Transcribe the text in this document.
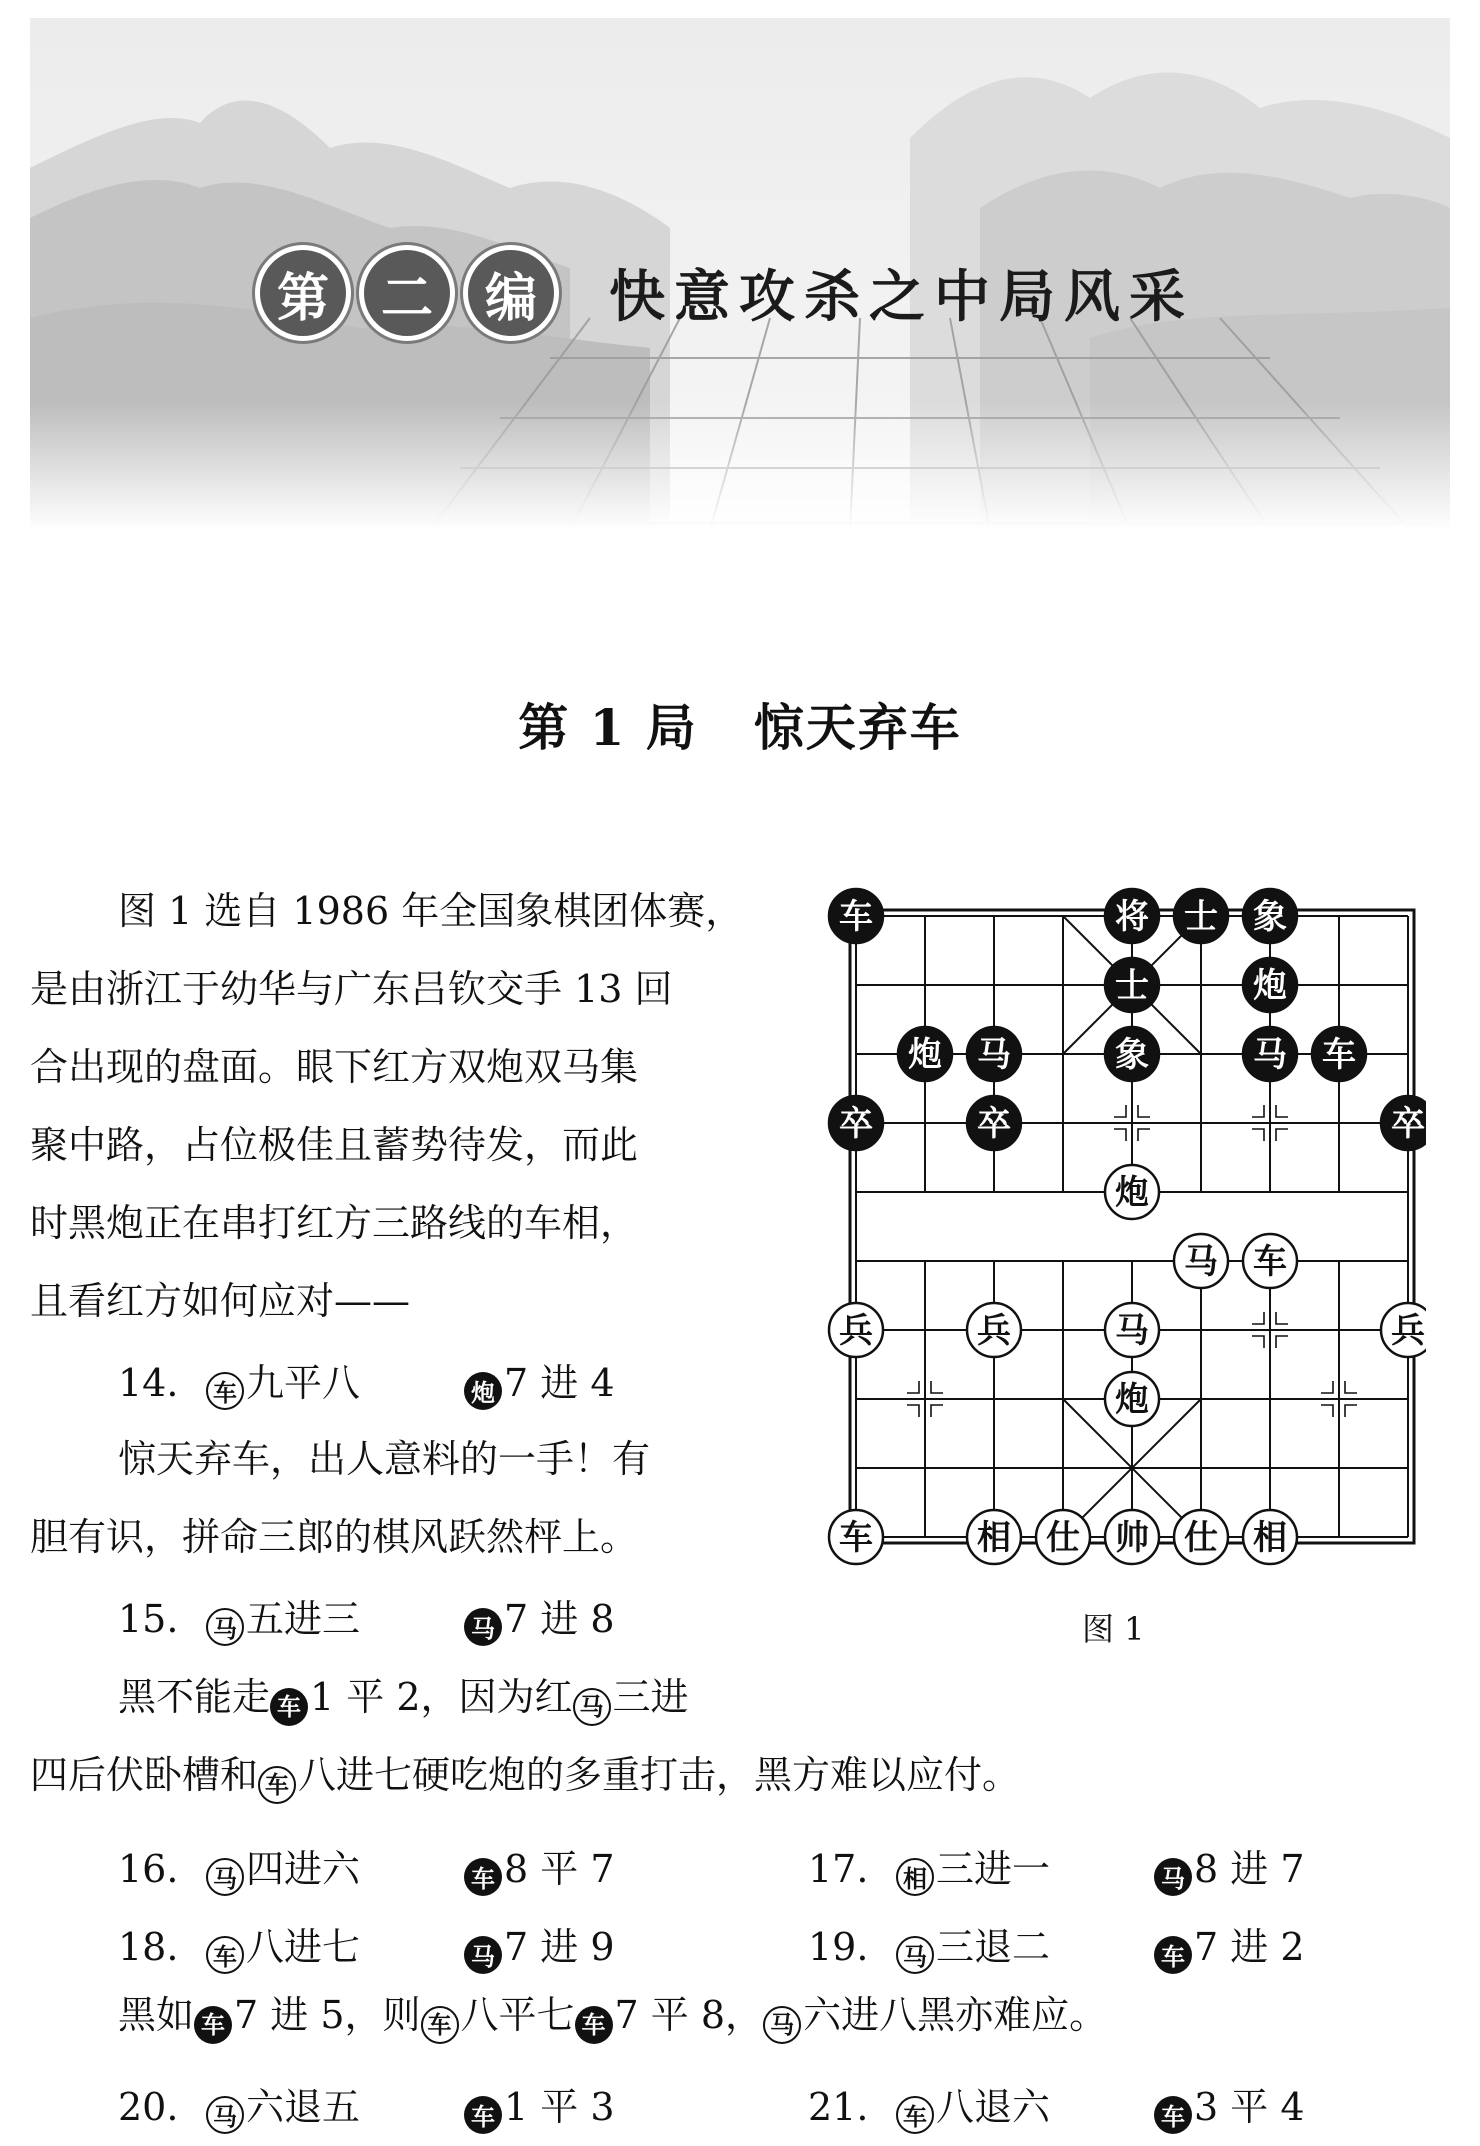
第 二 编	快意攻杀之中局风采
第 1 局 惊天弃车
图 1 选自 1986 年全国象棋团体赛，
是由浙江于幼华与广东吕钦交手 13 回
合出现的盘面。眼下红方双炮双马集
聚中路，占位极佳且蓄势待发，而此
时黑炮正在串打红方三路线的车相，
且看红方如何应对——
14. 车 九平八	炮 7 进 4
惊天弃车，出人意料的一手！有
胆有识，拼命三郎的棋风跃然枰上。
15. 马 五进三	马 7 进 8
黑不能走 车 1 平 2，因为红 马 三进
四后伏卧槽和 车 八进七硬吃炮的多重打击，黑方难以应付。
16. 马 四进六	车 8 平 7	17. 相 三进一	马 8 进 7
18. 车 八进七	马 7 进 9	19. 马 三退二	车 7 进 2
黑如 车 7 进 5，则 车 八平七 车 7 平 8， 马 六进八黑亦难应。
20. 马 六退五	车 1 平 3	21. 车 八退六	车 3 平 4
车	将 士 象
士	炮
炮 马	象	马 车
卒	卒	卒
炮
马 车
兵	兵	马	兵
炮
车	相 仕 帅 仕 相
图 1
